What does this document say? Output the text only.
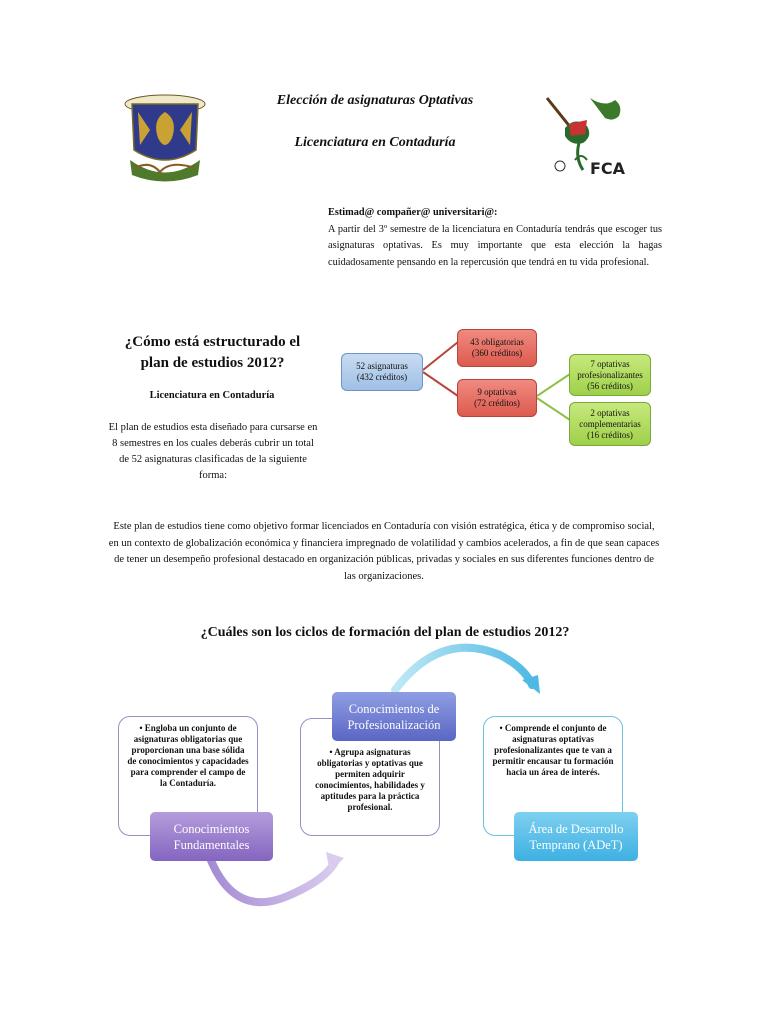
Elección de asignaturas Optativas
Licenciatura en Contaduría
FCA
Estimad@ compañer@ universitari@:
A partir del 3º semestre de la licenciatura en Contaduría tendrás que escoger tus asignaturas optativas. Es muy importante que esta elección la hagas cuidadosamente pensando en la repercusión que tendrá en tu vida profesional.
¿Cómo está estructurado el plan de estudios 2012?
Licenciatura en Contaduría
El plan de estudios esta diseñado para cursarse en 8 semestres en los cuales deberás cubrir un total de 52 asignaturas clasificadas de la siguiente forma:
52 asignaturas
(432 créditos)
43 obligatorias
(360 créditos)
9 optativas
(72 créditos)
7 optativas
profesionalizantes
(56 créditos)
2 optativas
complementarias
(16 créditos)
Este plan de estudios tiene como objetivo formar licenciados en Contaduría con visión estratégica, ética y de compromiso social, en un contexto de globalización económica y financiera impregnado de volatilidad y cambios acelerados, a fin de que sean capaces de tener un desempeño profesional destacado en organización públicas, privadas y sociales en sus diferentes funciones dentro de las organizaciones.
¿Cuáles son los ciclos de formación del plan de estudios 2012?
• Engloba un conjunto de asignaturas obligatorias que proporcionan una base sólida de conocimientos y capacidades para comprender el campo de la Contaduría.
Conocimientos
Fundamentales
• Agrupa asignaturas obligatorias y optativas que permiten adquirir conocimientos, habilidades y aptitudes para la práctica profesional.
Conocimientos de
Profesionalización	• Comprende el conjunto de asignaturas optativas profesionalizantes que te van a permitir encausar tu formación hacia un área de interés.
Área de Desarrollo
Temprano (ADeT)
